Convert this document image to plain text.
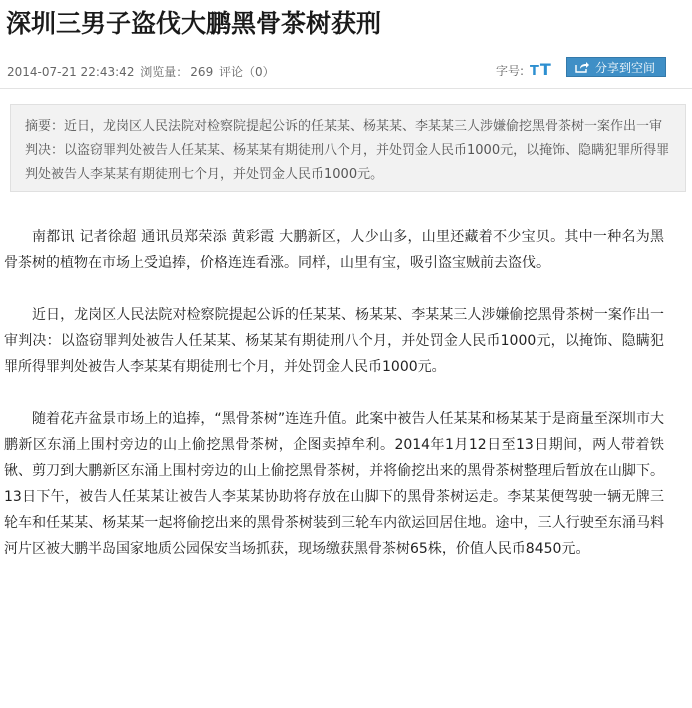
深圳三男子盗伐大鹏黑骨茶树获刑
2014-07-21 22:43:42 浏览量： 269 评论（0）	字号: TT	分享到空间
摘要：近日，龙岗区人民法院对检察院提起公诉的任某某、杨某某、李某某三人涉嫌偷挖黑骨茶树一案作出一审判决：以盗窃罪判处被告人任某某、杨某某有期徒刑八个月，并处罚金人民币1000元，以掩饰、隐瞒犯罪所得罪判处被告人李某某有期徒刑七个月，并处罚金人民币1000元。

南都讯 记者徐超 通讯员郑荣添 黄彩霞 大鹏新区，人少山多，山里还藏着不少宝贝。其中一种名为黑骨茶树的植物在市场上受追捧，价格连连看涨。同样，山里有宝，吸引盗宝贼前去盗伐。

近日，龙岗区人民法院对检察院提起公诉的任某某、杨某某、李某某三人涉嫌偷挖黑骨茶树一案作出一审判决：以盗窃罪判处被告人任某某、杨某某有期徒刑八个月，并处罚金人民币1000元，以掩饰、隐瞒犯罪所得罪判处被告人李某某有期徒刑七个月，并处罚金人民币1000元。

随着花卉盆景市场上的追捧，“黑骨茶树”连连升值。此案中被告人任某某和杨某某于是商量至深圳市大鹏新区东涌上围村旁边的山上偷挖黑骨茶树，企图卖掉牟利。2014年1月12日至13日期间，两人带着铁锹、剪刀到大鹏新区东涌上围村旁边的山上偷挖黑骨茶树，并将偷挖出来的黑骨茶树整理后暂放在山脚下。13日下午，被告人任某某让被告人李某某协助将存放在山脚下的黑骨茶树运走。李某某便驾驶一辆无牌三轮车和任某某、杨某某一起将偷挖出来的黑骨茶树装到三轮车内欲运回居住地。途中，三人行驶至东涌马料河片区被大鹏半岛国家地质公园保安当场抓获，现场缴获黑骨茶树65株，价值人民币8450元。
